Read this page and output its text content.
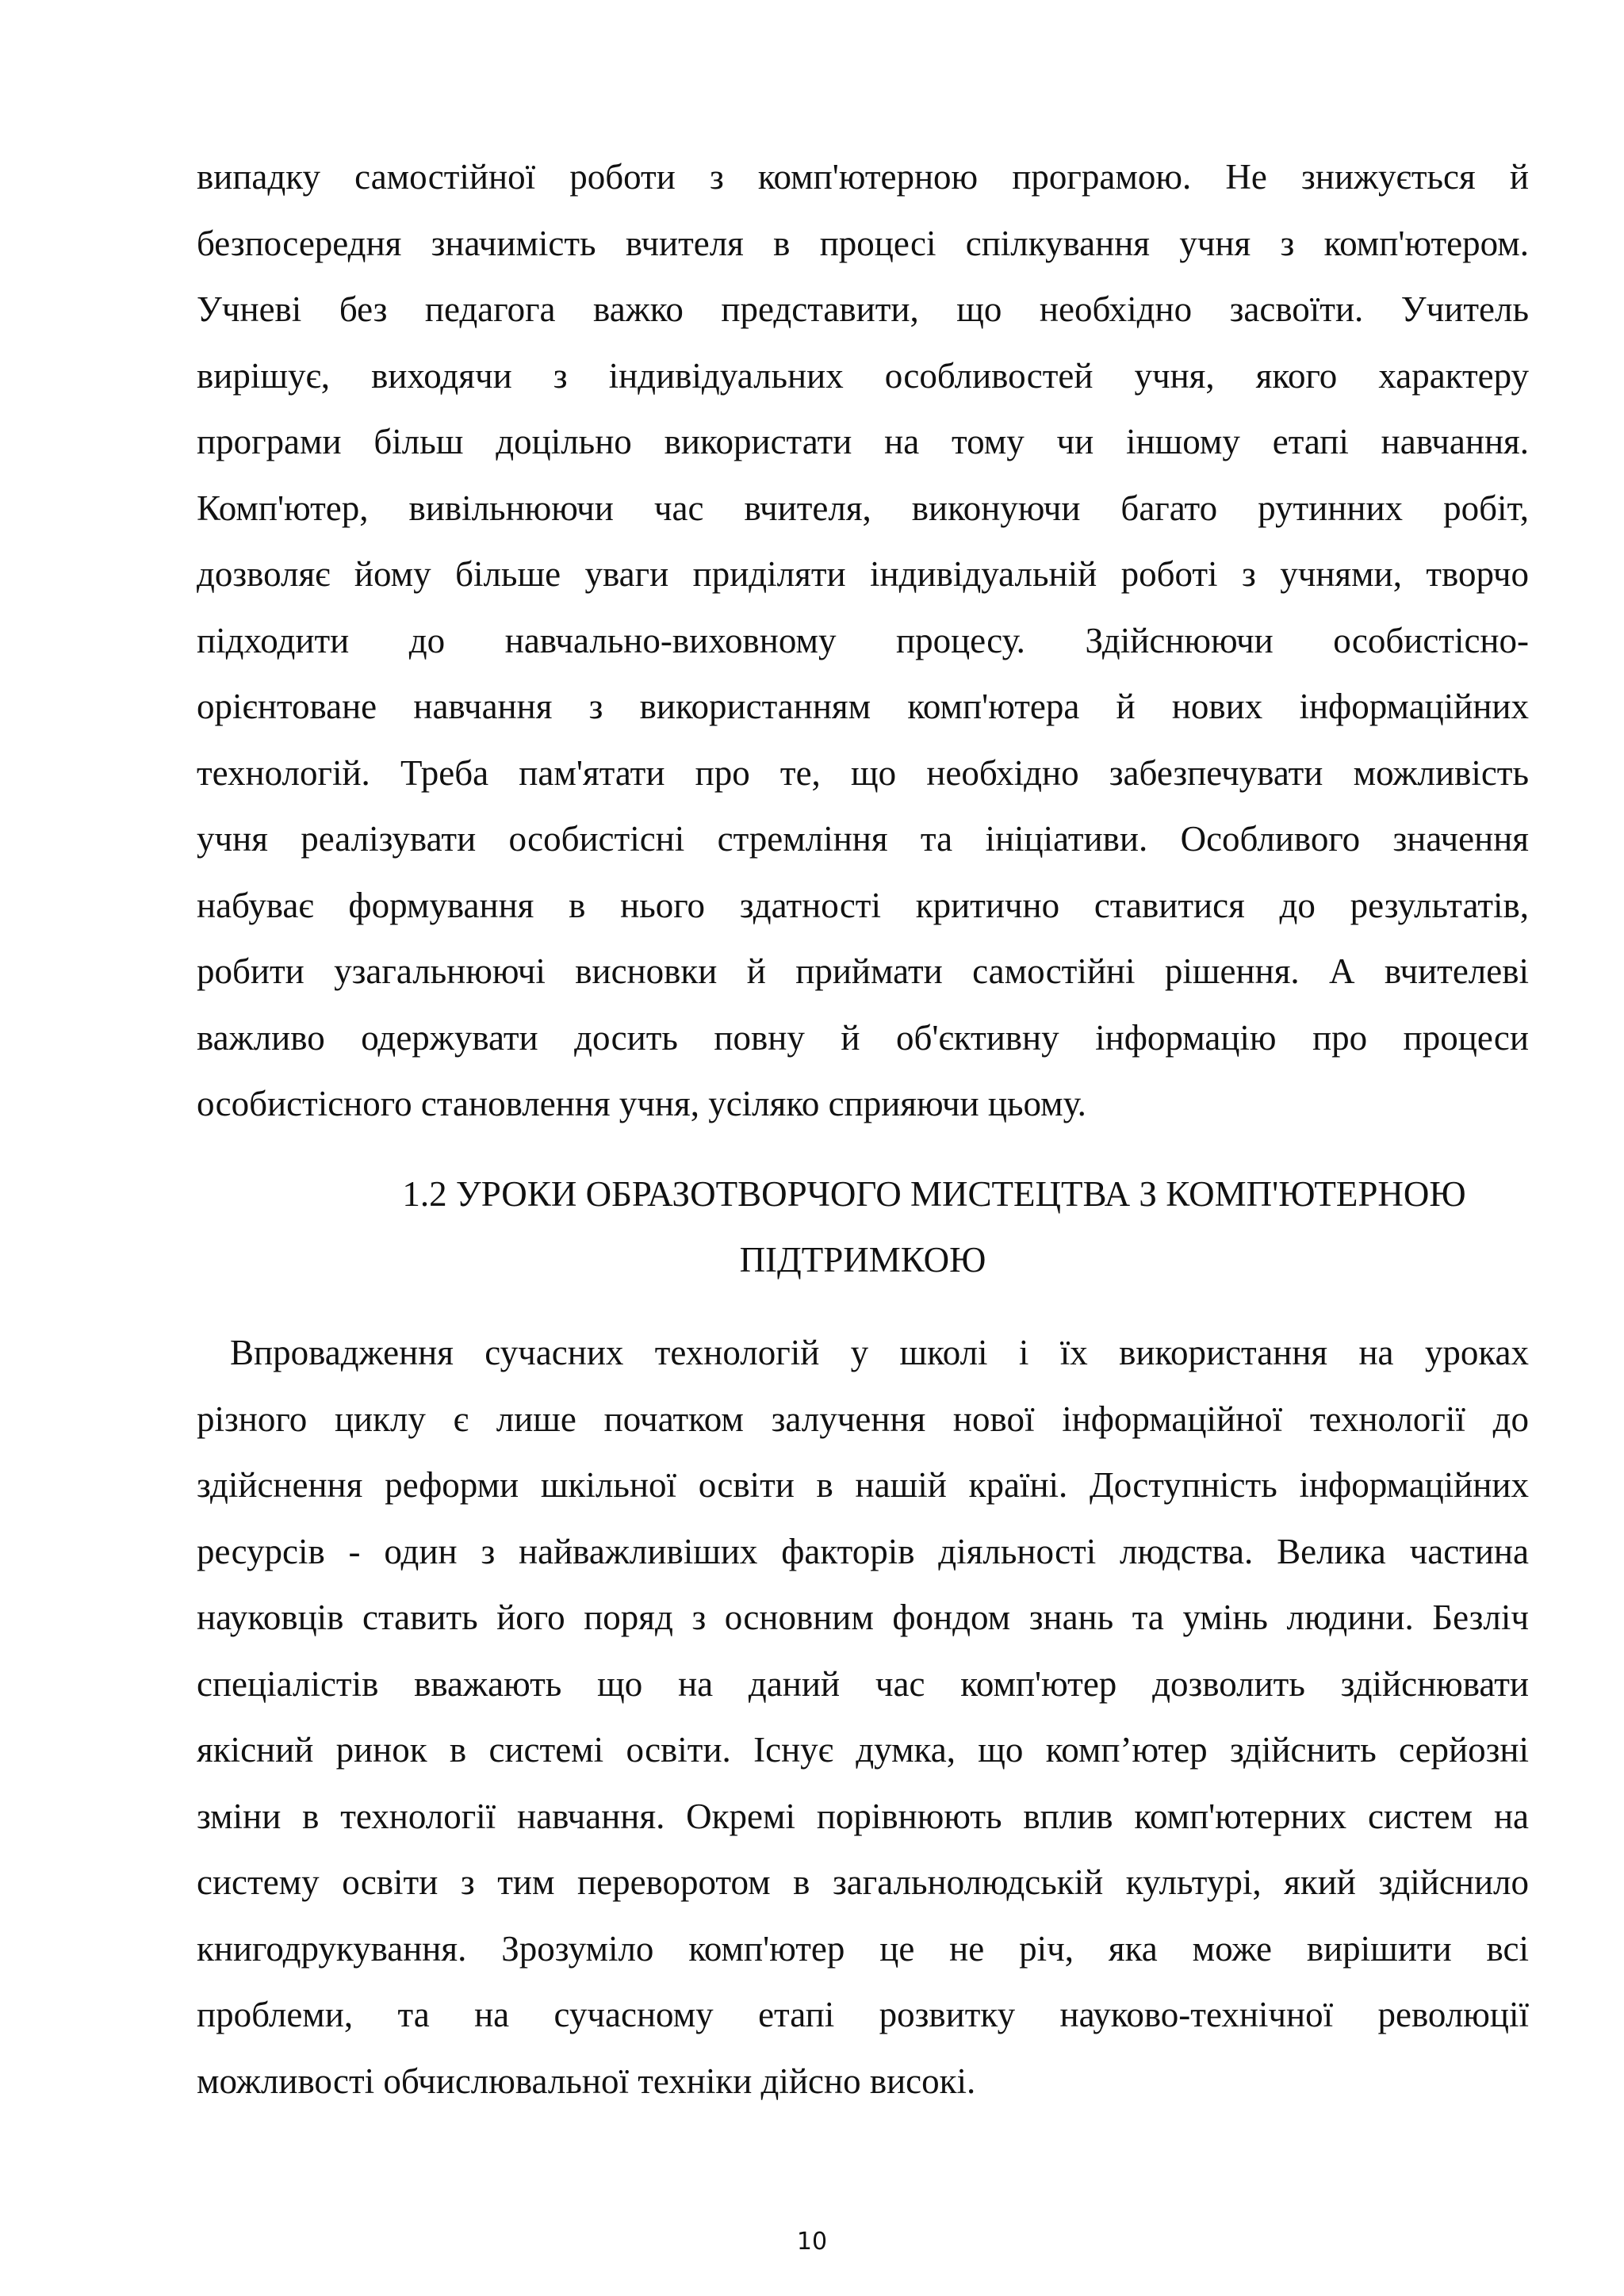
випадку самостійної роботи з комп'ютерною програмою. Не знижується й
безпосередня значимість вчителя в процесі спілкування учня з комп'ютером.
Учневі без педагога важко представити, що необхідно засвоїти. Учитель
вирішує, виходячи з індивідуальних особливостей учня, якого характеру
програми більш доцільно використати на тому чи іншому етапі навчання.
Комп'ютер, вивільнюючи час вчителя, виконуючи багато рутинних робіт,
дозволяє йому більше уваги приділяти індивідуальній роботі з учнями, творчо
підходити до навчально-виховному процесу. Здійснюючи особистісно-
орієнтоване навчання з використанням комп'ютера й нових інформаційних
технологій. Треба пам'ятати про те, що необхідно забезпечувати можливість
учня реалізувати особистісні стремління та ініціативи. Особливого значення
набуває формування в нього здатності критично ставитися до результатів,
робити узагальнюючі висновки й приймати самостійні рішення. А вчителеві
важливо одержувати досить повну й об'єктивну інформацію про процеси
особистісного становлення учня, усіляко сприяючи цьому.
1.2 УРОКИ ОБРАЗОТВОРЧОГО МИСТЕЦТВА З КОМП'ЮТЕРНОЮ
ПІДТРИМКОЮ
Впровадження сучасних технологій у школі і їх використання на уроках
різного циклу є лише початком залучення нової інформаційної технології до
здійснення реформи шкільної освіти в нашій країні. Доступність інформаційних
ресурсів - один з найважливіших факторів діяльності людства. Велика частина
науковців ставить його поряд з основним фондом знань та умінь людини. Безліч
спеціалістів вважають що на даний час комп'ютер дозволить здійснювати
якісний ринок в системі освіти. Існує думка, що комп’ютер здійснить серйозні
зміни в технології навчання. Окремі порівнюють вплив комп'ютерних систем на
систему освіти з тим переворотом в загальнолюдській культурі, який здійснило
книгодрукування. Зрозуміло комп'ютер це не річ, яка може вирішити всі
проблеми, та на сучасному етапі розвитку науково-технічної революції
можливості обчислювальної техніки дійсно високі.
10
